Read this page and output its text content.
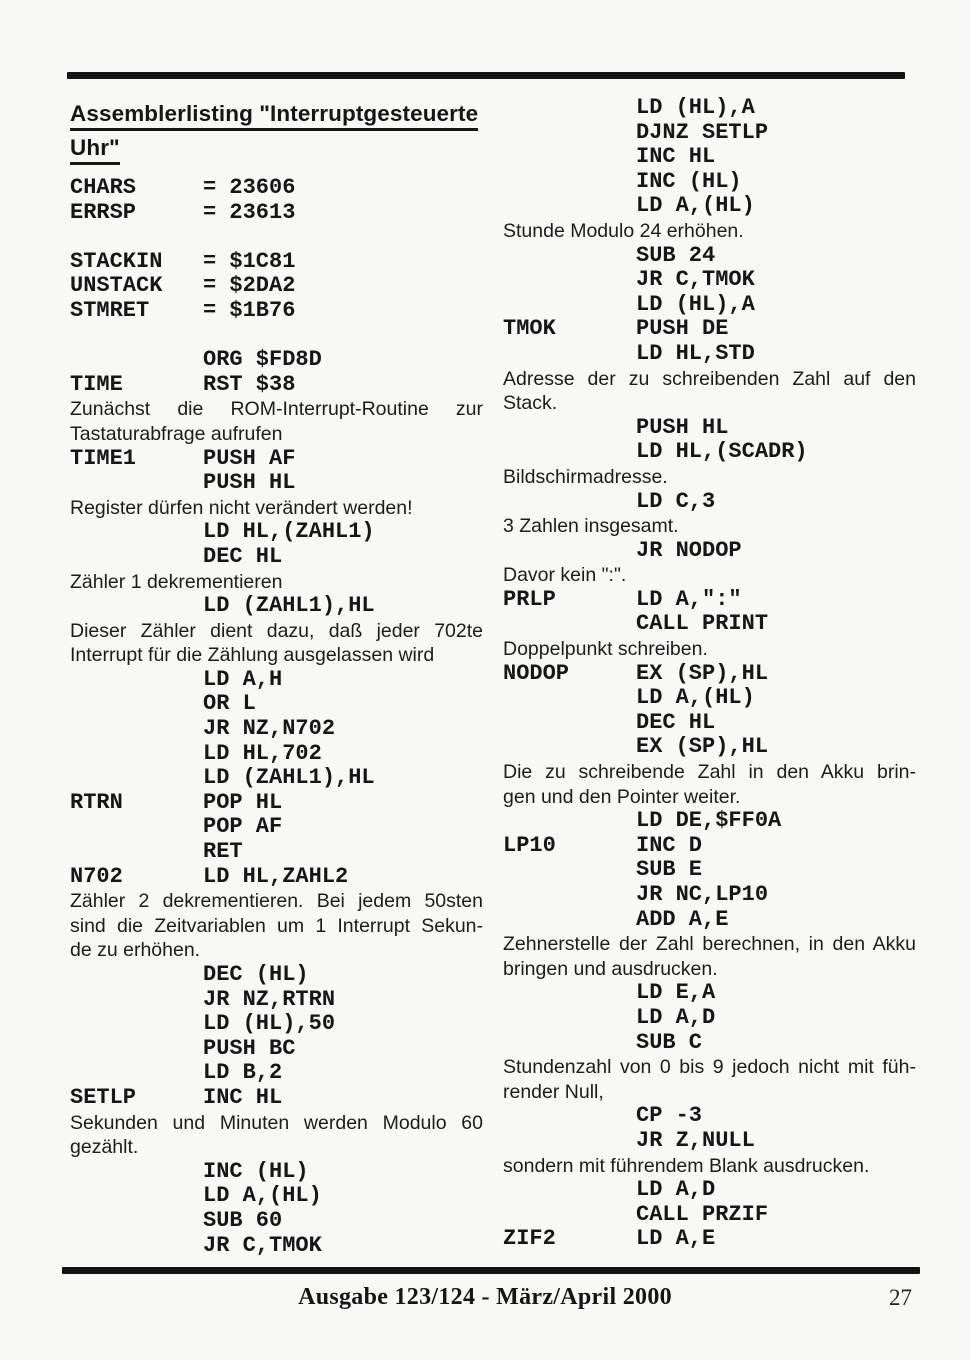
Assemblerlisting "Interruptgesteuerte
Uhr"
CHARS	= 23606
ERRSP	= 23613
STACKIN = $1C81
UNSTACK = $2DA2
STMRET = $1B76
ORG $FD8D
TIME	RST $38
Zunächst die ROM-Interrupt-Routine zur
Tastaturabfrage aufrufen
TIME1	PUSH AF
PUSH HL
Register dürfen nicht verändert werden!
LD HL,(ZAHL1)
DEC HL
Zähler 1 dekrementieren
LD (ZAHL1),HL
Dieser Zähler dient dazu, daß jeder 702te
Interrupt für die Zählung ausgelassen wird
LD A,H
OR L
JR NZ,N702
LD HL,702
LD (ZAHL1),HL
RTRN	POP HL
POP AF
RET
N702	LD HL,ZAHL2
Zähler 2 dekrementieren. Bei jedem 50sten
sind die Zeitvariablen um 1 Interrupt Sekun-
de zu erhöhen.
DEC (HL)
JR NZ,RTRN
LD (HL),50
PUSH BC
LD B,2
SETLP	INC HL
Sekunden und Minuten werden Modulo 60
gezählt.
INC (HL)
LD A,(HL)
SUB 60
JR C,TMOK
LD (HL),A
DJNZ SETLP
INC HL
INC (HL)
LD A,(HL)
Stunde Modulo 24 erhöhen.
SUB 24
JR C,TMOK
LD (HL),A
TMOK	PUSH DE
LD HL,STD
Adresse der zu schreibenden Zahl auf den
Stack.
PUSH HL
LD HL,(SCADR)
Bildschirmadresse.
LD C,3
3 Zahlen insgesamt.
JR NODOP
Davor kein ":".
PRLP	LD A,":"
CALL PRINT
Doppelpunkt schreiben.
NODOP	EX (SP),HL
LD A,(HL)
DEC HL
EX (SP),HL
Die zu schreibende Zahl in den Akku brin-
gen und den Pointer weiter.
LD DE,$FF0A
LP10	INC D
SUB E
JR NC,LP10
ADD A,E
Zehnerstelle der Zahl berechnen, in den Akku
bringen und ausdrucken.
LD E,A
LD A,D
SUB C
Stundenzahl von 0 bis 9 jedoch nicht mit füh-
render Null,
CP -3
JR Z,NULL
sondern mit führendem Blank ausdrucken.
LD A,D
CALL PRZIF
ZIF2	LD A,E
Ausgabe 123/124 - März/April 2000	27
